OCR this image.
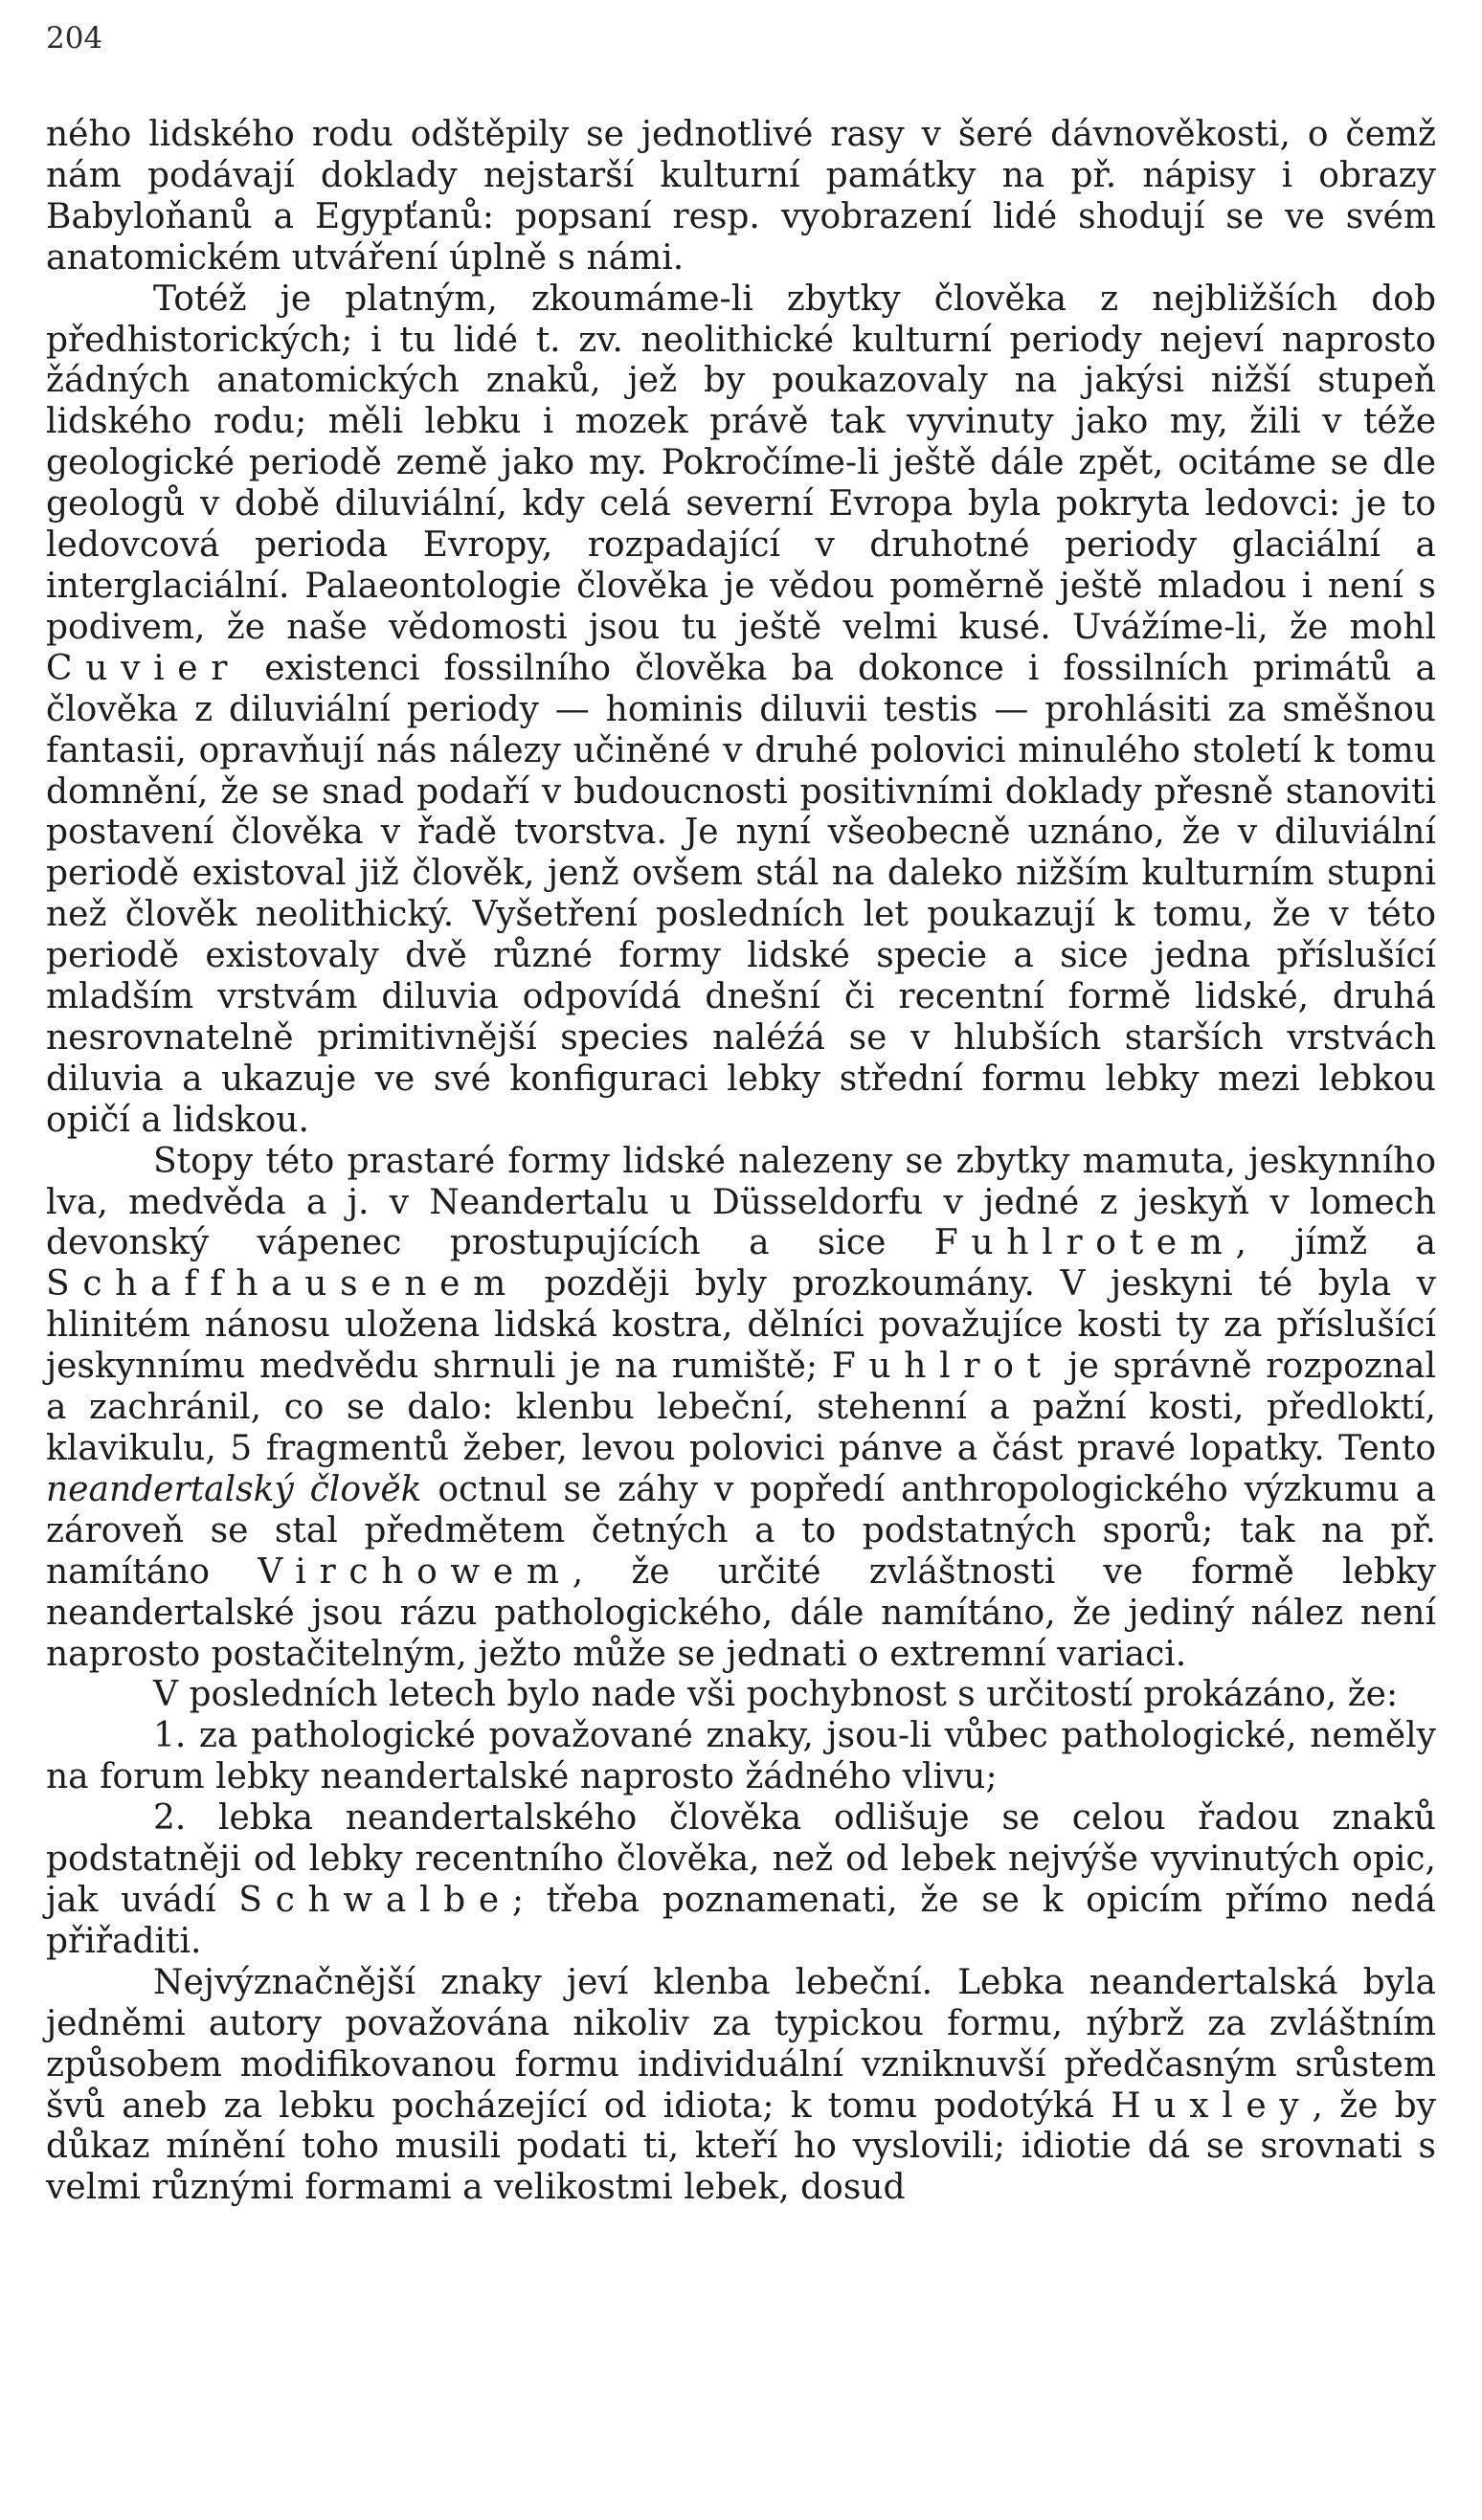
204

ného lidského rodu odštěpily se jednotlivé rasy v šeré dávnověkosti, o čemž nám podávají doklady nejstarší kulturní památky na př. nápisy i obrazy Babyloňanů a Egypťanů: popsaní resp. vyobrazení lidé shodují se ve svém anatomickém utváření úplně s námi.

Totéž je platným, zkoumáme-li zbytky člověka z nejbližších dob předhistorických; i tu lidé t. zv. neolithické kulturní periody nejeví naprosto žádných anatomických znaků, jež by poukazovaly na jakýsi nižší stupeň lidského rodu; měli lebku i mozek právě tak vyvinuty jako my, žili v téže geologické periodě země jako my. Pokročíme-li ještě dále zpět, ocitáme se dle geologů v době diluviální, kdy celá severní Evropa byla pokryta ledovci: je to ledovcová perioda Evropy, rozpadající v druhotné periody glaciální a interglaciální. Palaeontologie člověka je vědou poměrně ještě mladou i není s podivem, že naše vědomosti jsou tu ještě velmi kusé. Uvážíme-li, že mohl Cuvier existenci fossilního člověka ba dokonce i fossilních primátů a člověka z diluviální periody — hominis diluvii testis — prohlásiti za směšnou fantasii, opravňují nás nálezy učiněné v druhé polovici minulého století k tomu domnění, že se snad podaří v budoucnosti positivními doklady přesně stanoviti postavení člověka v řadě tvorstva. Je nyní všeobecně uznáno, že v diluviální periodě existoval již člověk, jenž ovšem stál na daleko nižším kulturním stupni než člověk neolithický. Vyšetření posledních let poukazují k tomu, že v této periodě existovaly dvě různé formy lidské specie a sice jedna příslušící mladším vrstvám diluvia odpovídá dnešní či recentní formě lidské, druhá nesrovnatelně primitivnější species naléźá se v hlubších starších vrstvách diluvia a ukazuje ve své konfiguraci lebky střední formu lebky mezi lebkou opičí a lidskou.

Stopy této prastaré formy lidské nalezeny se zbytky mamuta, jeskynního lva, medvěda a j. v Neandertalu u Düsseldorfu v jedné z jeskyň v lomech devonský vápenec prostupujících a sice Fuhlrotem, jímž a Schaffhausenem později byly prozkoumány. V jeskyni té byla v hlinitém nánosu uložena lidská kostra, dělníci považujíce kosti ty za příslušící jeskynnímu medvědu shrnuli je na rumiště; Fuhlrot je správně rozpoznal a zachránil, co se dalo: klenbu lebeční, stehenní a pažní kosti, předloktí, klavikulu, 5 fragmentů žeber, levou polovici pánve a část pravé lopatky. Tento neandertalský člověk octnul se záhy v popředí anthropologického výzkumu a zároveň se stal předmětem četných a to podstatných sporů; tak na př. namítáno Virchowem, že určité zvláštnosti ve formě lebky neandertalské jsou rázu pathologického, dále namítáno, že jediný nález není naprosto postačitelným, ježto může se jednati o extremní variaci.

V posledních letech bylo nade vši pochybnost s určitostí prokázáno, že:

1. za pathologické považované znaky, jsou-li vůbec pathologické, neměly na forum lebky neandertalské naprosto žádného vlivu;

2. lebka neandertalského člověka odlišuje se celou řadou znaků podstatněji od lebky recentního člověka, než od lebek nejvýše vyvinutých opic, jak uvádí Schwalbe; třeba poznamenati, že se k opicím přímo nedá přiřaditi.

Nejvýznačnější znaky jeví klenba lebeční. Lebka neandertalská byla jedněmi autory považována nikoliv za typickou formu, nýbrž za zvláštním způsobem modifikovanou formu individuální vzniknuvší předčasným srůstem švů aneb za lebku pocházející od idiota; k tomu podotýká Huxley, že by důkaz mínění toho musili podati ti, kteří ho vyslovili; idiotie dá se srovnati s velmi různými formami a velikostmi lebek, dosud
